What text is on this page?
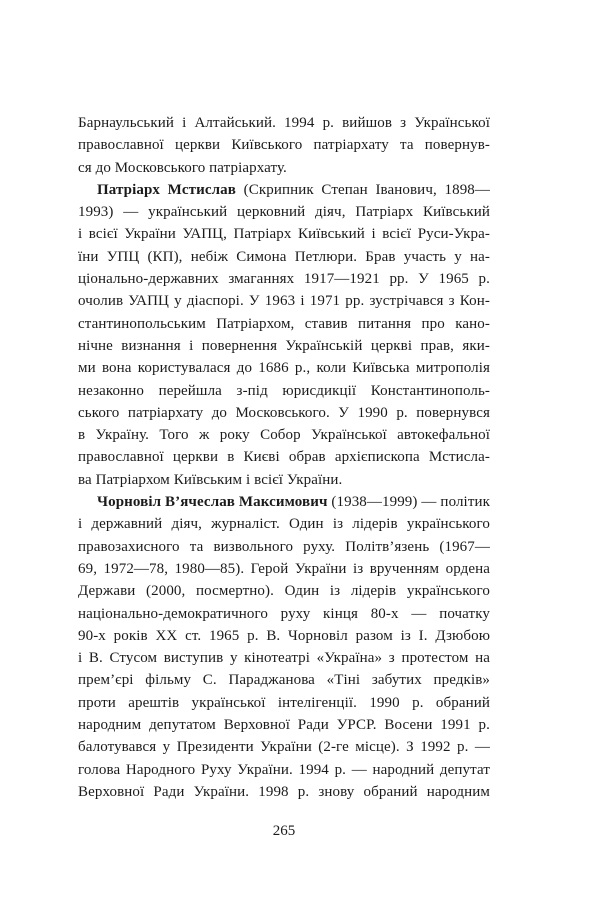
Барнаульський і Алтайський. 1994 р. вийшов з Української
православної церкви Київського патріархату та повернув-
ся до Московського патріархату.
Патріарх Мстислав (Скрипник Степан Іванович, 1898—
1993) — український церковний діяч, Патріарх Київський
і всієї України УАПЦ, Патріарх Київський і всієї Руси-Укра-
їни УПЦ (КП), небіж Симона Петлюри. Брав участь у на-
ціонально-державних змаганнях 1917—1921 рр. У 1965 р.
очолив УАПЦ у діаспорі. У 1963 і 1971 рр. зустрічався з Кон-
стантинопольським Патріархом, ставив питання про кано-
нічне визнання і повернення Українській церкві прав, яки-
ми вона користувалася до 1686 р., коли Київська митрополія
незаконно перейшла з-під юрисдикції Константинополь-
ського патріархату до Московського. У 1990 р. повернувся
в Україну. Того ж року Собор Української автокефальної
православної церкви в Києві обрав архієпископа Мстисла-
ва Патріархом Київським і всієї України.
Чорновіл В’ячеслав Максимович (1938—1999) — політик
і державний діяч, журналіст. Один із лідерів українського
правозахисного та визвольного руху. Політв’язень (1967—
69, 1972—78, 1980—85). Герой України із врученням ордена
Держави (2000, посмертно). Один із лідерів українського
національно-демократичного руху кінця 80-х — початку
90-х років XX ст. 1965 р. В. Чорновіл разом із І. Дзюбою
і В. Стусом виступив у кінотеатрі «Україна» з протестом на
прем’єрі фільму С. Параджанова «Тіні забутих предків»
проти арештів української інтелігенції. 1990 р. обраний
народним депутатом Верховної Ради УРСР. Восени 1991 р.
балотувався у Президенти України (2-ге місце). З 1992 р. —
голова Народного Руху України. 1994 р. — народний депутат
Верховної Ради України. 1998 р. знову обраний народним
265
